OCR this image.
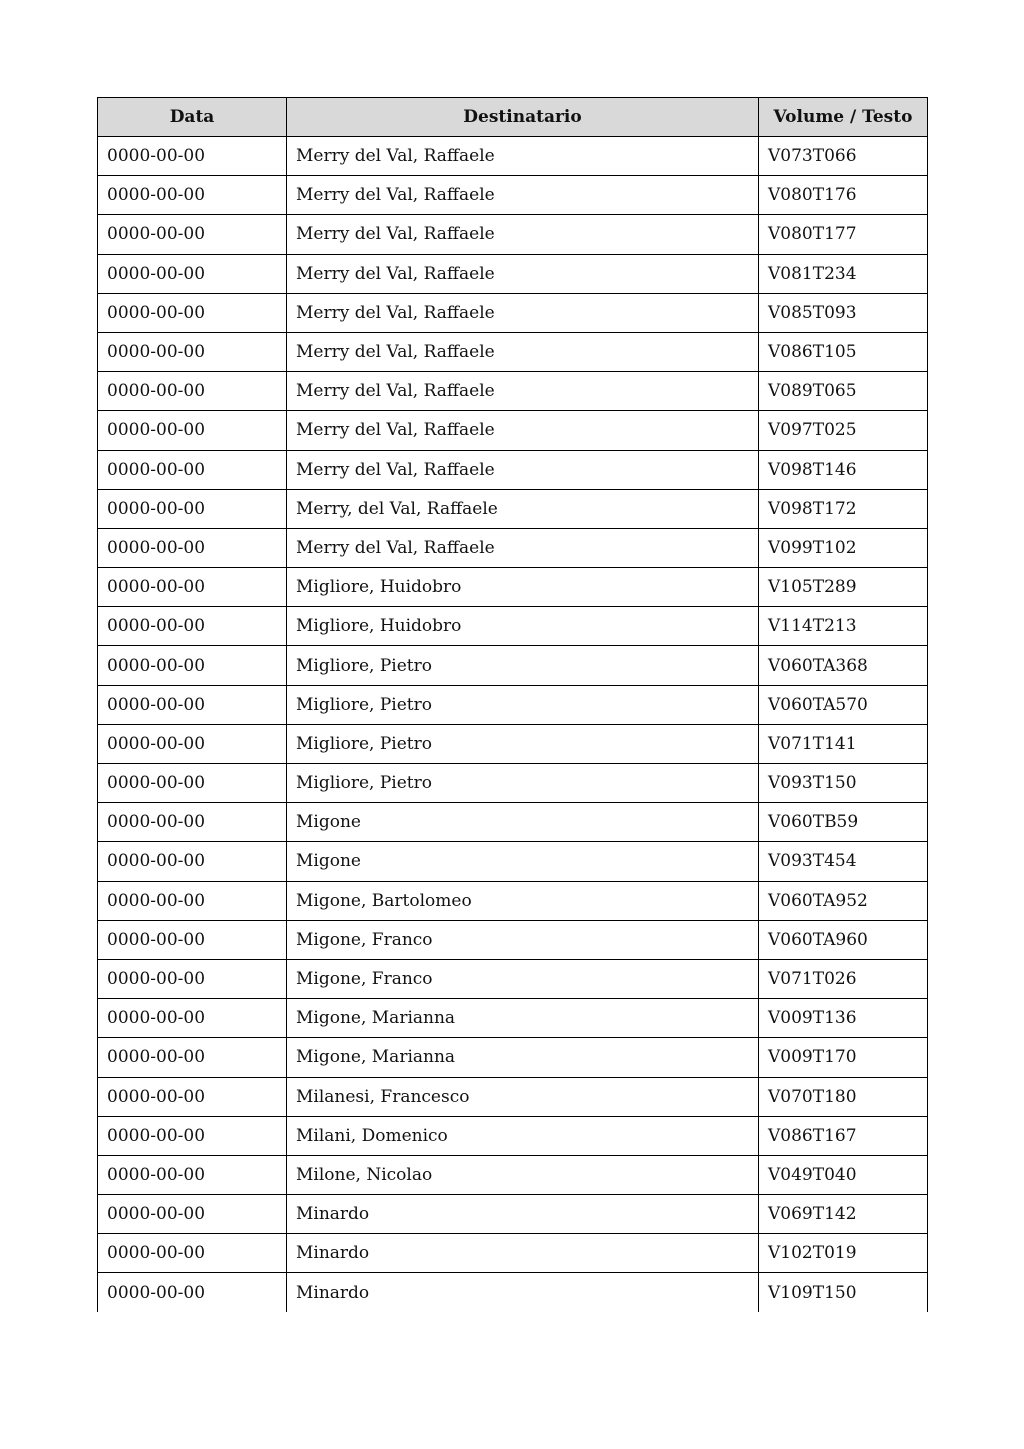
Data	Destinatario	Volume / Testo
0000-00-00	Merry del Val, Raffaele	V073T066
0000-00-00	Merry del Val, Raffaele	V080T176
0000-00-00	Merry del Val, Raffaele	V080T177
0000-00-00	Merry del Val, Raffaele	V081T234
0000-00-00	Merry del Val, Raffaele	V085T093
0000-00-00	Merry del Val, Raffaele	V086T105
0000-00-00	Merry del Val, Raffaele	V089T065
0000-00-00	Merry del Val, Raffaele	V097T025
0000-00-00	Merry del Val, Raffaele	V098T146
0000-00-00	Merry, del Val, Raffaele	V098T172
0000-00-00	Merry del Val, Raffaele	V099T102
0000-00-00	Migliore, Huidobro	V105T289
0000-00-00	Migliore, Huidobro	V114T213
0000-00-00	Migliore, Pietro	V060TA368
0000-00-00	Migliore, Pietro	V060TA570
0000-00-00	Migliore, Pietro	V071T141
0000-00-00	Migliore, Pietro	V093T150
0000-00-00	Migone	V060TB59
0000-00-00	Migone	V093T454
0000-00-00	Migone, Bartolomeo	V060TA952
0000-00-00	Migone, Franco	V060TA960
0000-00-00	Migone, Franco	V071T026
0000-00-00	Migone, Marianna	V009T136
0000-00-00	Migone, Marianna	V009T170
0000-00-00	Milanesi, Francesco	V070T180
0000-00-00	Milani, Domenico	V086T167
0000-00-00	Milone, Nicolao	V049T040
0000-00-00	Minardo	V069T142
0000-00-00	Minardo	V102T019
0000-00-00	Minardo	V109T150
